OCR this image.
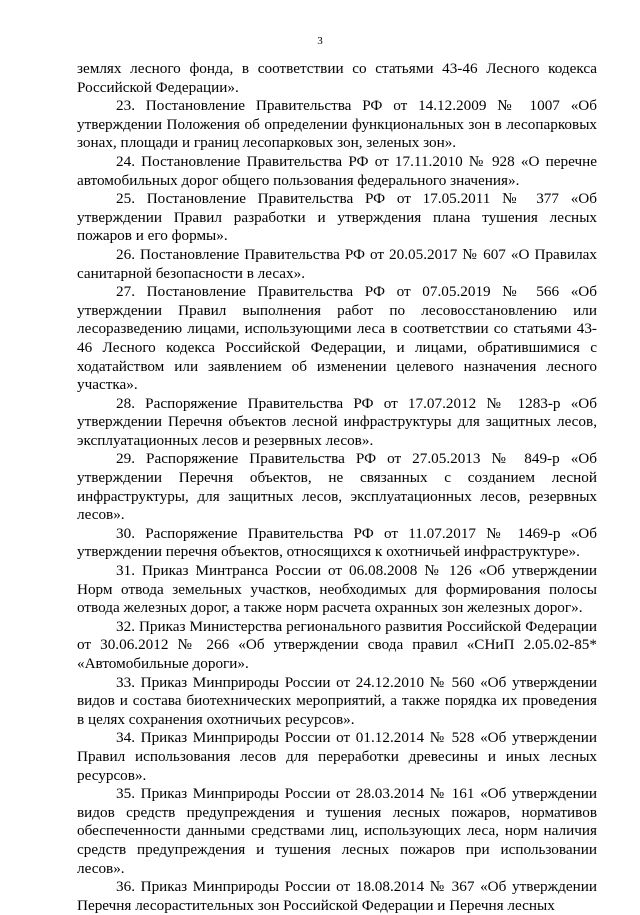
3

землях лесного фонда, в соответствии со статьями 43-46 Лесного кодекса Российской Федерации».

23. Постановление Правительства РФ от 14.12.2009 № 1007 «Об утверждении Положения об определении функциональных зон в лесопарковых зонах, площади и границ лесопарковых зон, зеленых зон».

24. Постановление Правительства РФ от 17.11.2010 № 928 «О перечне автомобильных дорог общего пользования федерального значения».

25. Постановление Правительства РФ от 17.05.2011 № 377 «Об утверждении Правил разработки и утверждения плана тушения лесных пожаров и его формы».

26. Постановление Правительства РФ от 20.05.2017 № 607 «О Правилах санитарной безопасности в лесах».

27. Постановление Правительства РФ от 07.05.2019 № 566 «Об утверждении Правил выполнения работ по лесовосстановлению или лесоразведению лицами, использующими леса в соответствии со статьями 43-46 Лесного кодекса Российской Федерации, и лицами, обратившимися с ходатайством или заявлением об изменении целевого назначения лесного участка».

28. Распоряжение Правительства РФ от 17.07.2012 № 1283-р «Об утверждении Перечня объектов лесной инфраструктуры для защитных лесов, эксплуатационных лесов и резервных лесов».

29. Распоряжение Правительства РФ от 27.05.2013 № 849-р «Об утверждении Перечня объектов, не связанных с созданием лесной инфраструктуры, для защитных лесов, эксплуатационных лесов, резервных лесов».

30. Распоряжение Правительства РФ от 11.07.2017 № 1469-р «Об утверждении перечня объектов, относящихся к охотничьей инфраструктуре».

31. Приказ Минтранса России от 06.08.2008 № 126 «Об утверждении Норм отвода земельных участков, необходимых для формирования полосы отвода железных дорог, а также норм расчета охранных зон железных дорог».

32. Приказ Министерства регионального развития Российской Федерации от 30.06.2012 № 266 «Об утверждении свода правил «СНиП 2.05.02-85* «Автомобильные дороги».

33. Приказ Минприроды России от 24.12.2010 № 560 «Об утверждении видов и состава биотехнических мероприятий, а также порядка их проведения в целях сохранения охотничьих ресурсов».

34. Приказ Минприроды России от 01.12.2014 № 528 «Об утверждении Правил использования лесов для переработки древесины и иных лесных ресурсов».

35. Приказ Минприроды России от 28.03.2014 № 161 «Об утверждении видов средств предупреждения и тушения лесных пожаров, нормативов обеспеченности данными средствами лиц, использующих леса, норм наличия средств предупреждения и тушения лесных пожаров при использовании лесов».

36. Приказ Минприроды России от 18.08.2014 № 367 «Об утверждении Перечня лесорастительных зон Российской Федерации и Перечня лесных
